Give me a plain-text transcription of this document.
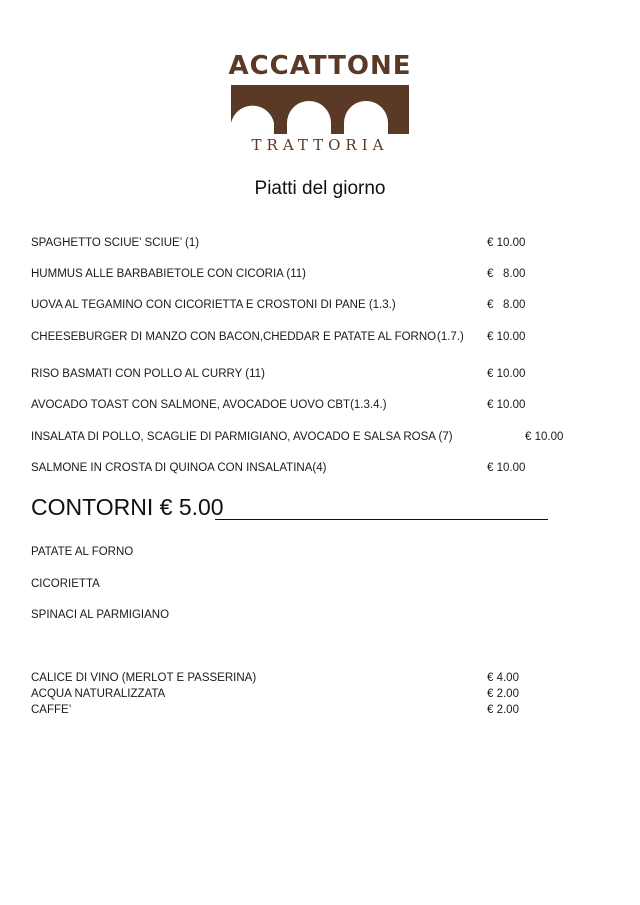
ACCATTONE
TRATTORIA
Piatti del giorno
SPAGHETTO SCIUE’ SCIUE’ (1)	€ 10.00
HUMMUS ALLE BARBABIETOLE CON CICORIA (11)	€   8.00
UOVA AL TEGAMINO CON CICORIETTA E CROSTONI DI PANE (1.3.)	€   8.00
CHEESEBURGER DI MANZO CON BACON,CHEDDAR E PATATE AL FORNO (1.7.) € 10.00
RISO BASMATI CON POLLO AL CURRY (11)	€ 10.00
AVOCADO TOAST CON SALMONE, AVOCADOE UOVO CBT(1.3.4.)	€ 10.00
INSALATA DI POLLO, SCAGLIE DI PARMIGIANO, AVOCADO E SALSA ROSA (7)	€ 10.00
SALMONE IN CROSTA DI QUINOA CON INSALATINA(4)	€ 10.00
CONTORNI € 5.00
PATATE AL FORNO
CICORIETTA
SPINACI AL PARMIGIANO
CALICE DI VINO (MERLOT E PASSERINA)	€ 4.00
ACQUA NATURALIZZATA	€ 2.00
CAFFE’	€ 2.00
